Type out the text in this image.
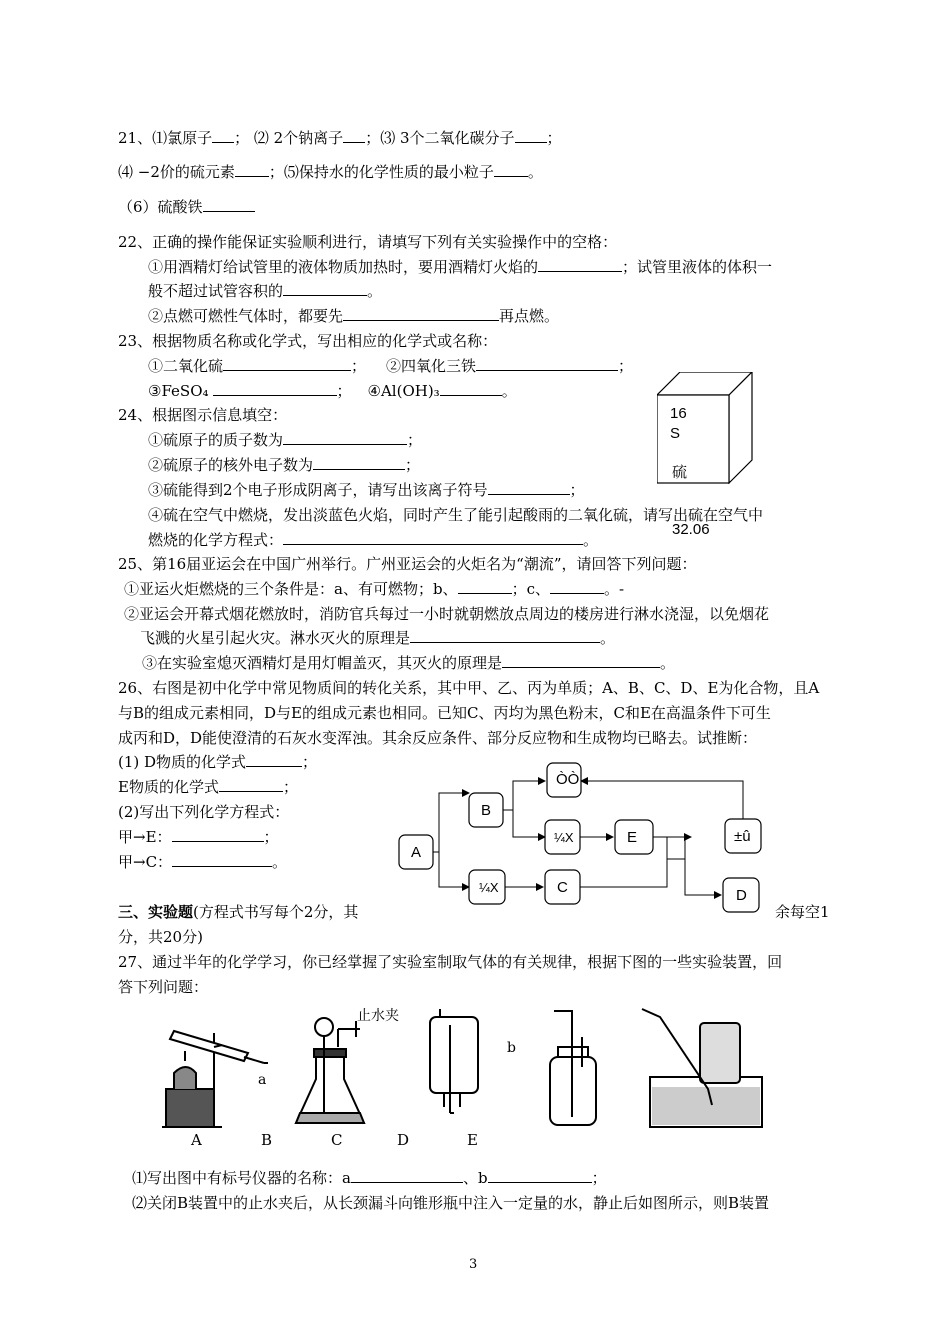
21、⑴氯原子 ； ⑵ 2个钠离子 ；⑶ 3个二氧化碳分子 ；
⑷ −2价的硫元素 ；⑸保持水的化学性质的最小粒子 。
（6）硫酸铁
22、正确的操作能保证实验顺利进行，请填写下列有关实验操作中的空格：
①用酒精灯给试管里的液体物质加热时，要用酒精灯火焰的	；试管里液体的体积一
般不超过试管容积的	。
②点燃可燃性气体时，都要先	再点燃。
23、根据物质名称或化学式，写出相应的化学式或名称：
①二氧化硫	； ②四氧化三铁	；
③FeSO₄	； ④Al(OH)₃	。
16
S
硫
24、根据图示信息填空：
①硫原子的质子数为	；
②硫原子的核外电子数为	；
③硫能得到2个电子形成阴离子，请写出该离子符号	；
④硫在空气中燃烧，发出淡蓝色火焰，同时产生了能引起酸雨的二氧化硫，请写出硫在空气中
32.06
燃烧的化学方程式：	。
25、第16届亚运会在中国广州举行。广州亚运会的火炬名为“潮流”，请回答下列问题：
①亚运火炬燃烧的三个条件是：a、有可燃物；b、	；c、	。-
②亚运会开幕式烟花燃放时，消防官兵每过一小时就朝燃放点周边的楼房进行淋水浇湿，以免烟花
飞溅的火星引起火灾。淋水灭火的原理是	。
③在实验室熄灭酒精灯是用灯帽盖灭，其灭火的原理是	。
26、右图是初中化学中常见物质间的转化关系，其中甲、乙、丙为单质；A、B、C、D、E为化合物，且A
与B的组成元素相同，D与E的组成元素也相同。已知C、丙均为黑色粉末，C和E在高温条件下可生
成丙和D，D能使澄清的石灰水变浑浊。其余反应条件、部分反应物和生成物均已略去。试推断：
(1) D物质的化学式	；
E物质的化学式	；
(2)写出下列化学方程式：
甲→E：	；
甲→C：	。
A
B
ÒÒ
¼X	E	±û
¼X	C	D
三、实验题(方程式书写每个2分，其	余每空1
分，共20分)
27、通过半年的化学学习，你已经掌握了实验室制取气体的有关规律，根据下图的一些实验装置，回
答下列问题：
止水夹
a
b
A	B	C	D	E
⑴写出图中有标号仪器的名称：a	、b	；
⑵关闭B装置中的止水夹后，从长颈漏斗向锥形瓶中注入一定量的水，静止后如图所示，则B装置
3
